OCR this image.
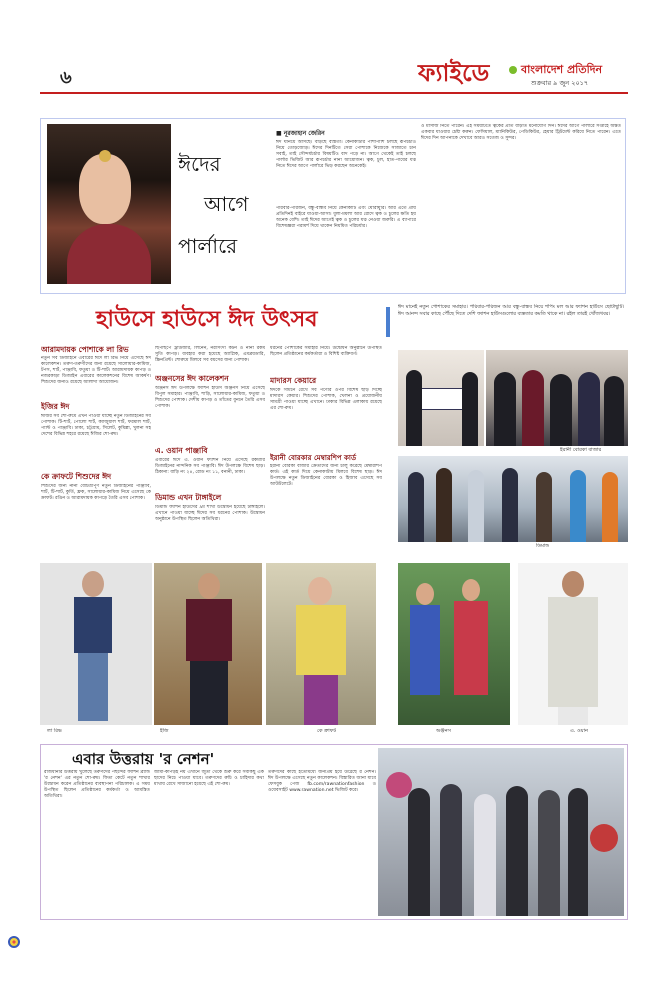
৬	ফ্যাইডে	বাংলাদেশ প্রতিদিন
শুক্রবার ৯ জুন ২০১৭
ঈদের
আগে
পার্লারে
■ নূরজাহান জেরিন
ঈদ ঘনিয়ে আসছে। বাড়ছে ব্যস্ততা। কেনাকাটার পাশাপাশি চলছে রূপচর্চাও নিয়ে তোড়জোড়। ঈদের দিনটিতে সেরা পোশাকে নিজেকে সাজাতে চান সবাই, তাই সৌন্দর্যচর্চার বিষয়টিও বাদ পড়ে না। আগে থেকেই তাই চলছে পার্লার ভিজিট আর রূপচর্চার নানা আয়োজন। ত্বক, চুল, হাত-পায়ের যত্ন নিতে ঈদের আগে পার্লারে ভিড় করছেন অনেকেই।
পরিবার-পরিজন, বন্ধু-বান্ধব নিয়ে কেনাকাটি এবং ঘোরাঘুরি। আর এতে প্রায় প্রতিদিনই বাইরে যাওয়া-আসা। ধুলা-ময়লা আর রোদে ত্বক ও চুলের ক্ষতি হয় অনেক বেশি। তাই ঈদের আগেই ত্বক ও চুলের যত্ন নেওয়া জরুরি। এ ব্যাপারে বিশেষজ্ঞরা পরামর্শ দিয়ে থাকেন নিয়মিত পরিচর্যার।
ও মাসাজ নিতে পারেন। এই সময়টিতে ত্বকের প্রতি বাড়তি মনোযোগ দিন। ঈদের আগে পার্লারে সপ্তাহে অন্তত একবার যাওয়ার চেষ্টা করুন। ফেসিয়াল, ম্যানিকিউর, পেডিকিউর, হেয়ার ট্রিটমেন্ট করিয়ে নিতে পারেন। এতে ঈদের দিন আপনাকে দেখাবে আরও সতেজ ও সুন্দর।
হাউসে হাউসে ঈদ উৎসব	ঈদ মানেই নতুন পোশাকের সমাহার। পরিবার-পরিজন আর বন্ধু-বান্ধব নিয়ে শপিং মল আর ফ্যাশন হাউসে ছোটাছুটি। ঈদ আনন্দ সবার কাছে পৌঁছে দিতে দেশি ফ্যাশন হাউসগুলোর ব্যস্ততার কমতি থাকে না। রইল তারই খোঁজখবর।
আরামদায়ক পোশাকে লা রিভ
নতুন সব ডিজাইনে এবারের ঈদে লা রিভ নিয়ে এসেছে ঈদ কালেকশন। তরুণ-তরুণীদের জন্য রয়েছে সালোয়ার-কামিজ, টপস, শার্ট, পাঞ্জাবি, ফতুয়া ও টি-শার্ট। আরামদায়ক কাপড় ও নজরকাড়া ডিজাইন এবারের কালেকশনের বিশেষ আকর্ষণ। শিশুদের জন্যও রয়েছে আলাদা আয়োজন।
ইজির ঈদ
ঈজির সব শো-রুমে এখন পাওয়া যাচ্ছে নতুন ডিজাইনের সব পোশাক। টি-শার্ট, পোলো শার্ট, ক্যাজুয়াল শার্ট, ফরমাল শার্ট, প্যান্ট ও পাঞ্জাবি। ঢাকা, চট্টগ্রাম, সিলেট, কুমিল্লা, খুলনা সহ দেশের বিভিন্ন শহরে রয়েছে ঈজির শো-রুম।
কে ক্রাফটে শিশুদের ঈদ
শিশুদের জন্য নানা বৈচিত্র্যপূর্ণ নতুন ডিজাইনের পাঞ্জাবি, শার্ট, টি-শার্ট, কুর্তি, ফ্রক, সালোয়ার-কামিজ নিয়ে এসেছে কে ক্রাফট। রঙিন ও আরামদায়ক কাপড়ে তৈরি এসব পোশাক।
ছিপছিপে ট্রাউজার, লিনেন, নরসিংদী কটন ও নানা রকম সুতি কাপড়। ব্যবহার করা হয়েছে অ্যাপ্লিক, এমব্রয়ডারি, স্ক্রিনপ্রিন্ট। শোরুমে মিলবে সব বয়সের জন্য পোশাক।
অঞ্জনসের ঈদ কালেকশন
অঞ্জনস ঈদ উপলক্ষে ফ্যাশন হাউস অঞ্জনস নিয়ে এসেছে বিপুল সমাহার। পাঞ্জাবি, শাড়ি, সালোয়ার-কামিজ, ফতুয়া ও শিশুদের পোশাক। দেশীয় কাপড় ও তাঁতের বুননে তৈরি এসব পোশাক।
এ. ওয়ান পাঞ্জাবি
এবারের ঈদে এ. ওয়ান ফ্যাশন নিয়ে এসেছে রকমারি ডিজাইনের নান্দনিক সব পাঞ্জাবি। ঈদ উপলক্ষে বিশেষ ছাড়। ঠিকানা: বাড়ি নং ২৪, রোড নং ১১, বনানী, ঢাকা।
ডিমান্ড এখন টাঙ্গাইলে
ডিমান্ড ফ্যাশন হাউসের ৯ম শাখা উদ্বোধন হয়েছে টাঙ্গাইলে। এখানে পাওয়া যাচ্ছে ঈদের সব ধরনের পোশাক। উদ্বোধন অনুষ্ঠানে উপস্থিত ছিলেন অতিথিরা।
ধরনের পোশাকের সমাহার নিয়ে। উদ্বোধন অনুষ্ঠানে উপস্থিত ছিলেন প্রতিষ্ঠানের কর্মকর্তারা ও বিশিষ্ট ব্যক্তিবর্গ।
মাদারস কেয়ারে
ঈদকে সামনে রেখে সব পণ্যের ওপর বিশেষ ছাড় দিচ্ছে মাদারস কেয়ার। শিশুদের পোশাক, খেলনা ও প্রয়োজনীয় সামগ্রী পাওয়া যাচ্ছে এখানে। ঢাকার বিভিন্ন এলাকায় রয়েছে এর শো-রুম।
ইরানী বোরকার মেম্বারশিপ কার্ড
ইরানী বোরকা বাজার ক্রেতাদের জন্য চালু করেছে মেম্বারশিপ কার্ড। এই কার্ড দিয়ে কেনাকাটায় মিলবে বিশেষ ছাড়। ঈদ উপলক্ষে নতুন ডিজাইনের বোরকা ও হিজাব এসেছে সব আউটলেটে।
ইরানী বোরকা বাজার
ডিমান্ড
লা রিভ	ইজি	কে ক্রাফট	অঞ্জনস	এ. ওয়ান
এবার উত্তরায় 'র নেশন'
রাজধানীর উত্তরায় খুলেছে তরুণদের পছন্দের ফ্যাশন ব্র্যান্ড 'র নেশন' এর নতুন শো-রুম। ফিতা কেটে নতুন শাখার উদ্বোধন করেন প্রতিষ্ঠানের ব্যবস্থাপনা পরিচালক। এ সময় উপস্থিত ছিলেন প্রতিষ্ঠানের কর্মকর্তা ও আমন্ত্রিত অতিথিরা।
জামা-কাপড়ই নয় এখানে জুতা থেকে শুরু করে সবকিছু এক ছাদের নিচে পাওয়া যাবে। তরুণদের রুচি ও চাহিদার কথা মাথায় রেখে সাজানো হয়েছে এই শো-রুম।
তরুণদের কাছে ইতোমধ্যে জনপ্রিয় হয়ে উঠেছে র নেশন। ঈদ উপলক্ষে এসেছে নতুন কালেকশন। বিস্তারিত জানা যাবে ফেসবুক পেজ fb.com/rawnationfashion ও ওয়েবসাইট www.rawnation.net ভিজিট করে।
